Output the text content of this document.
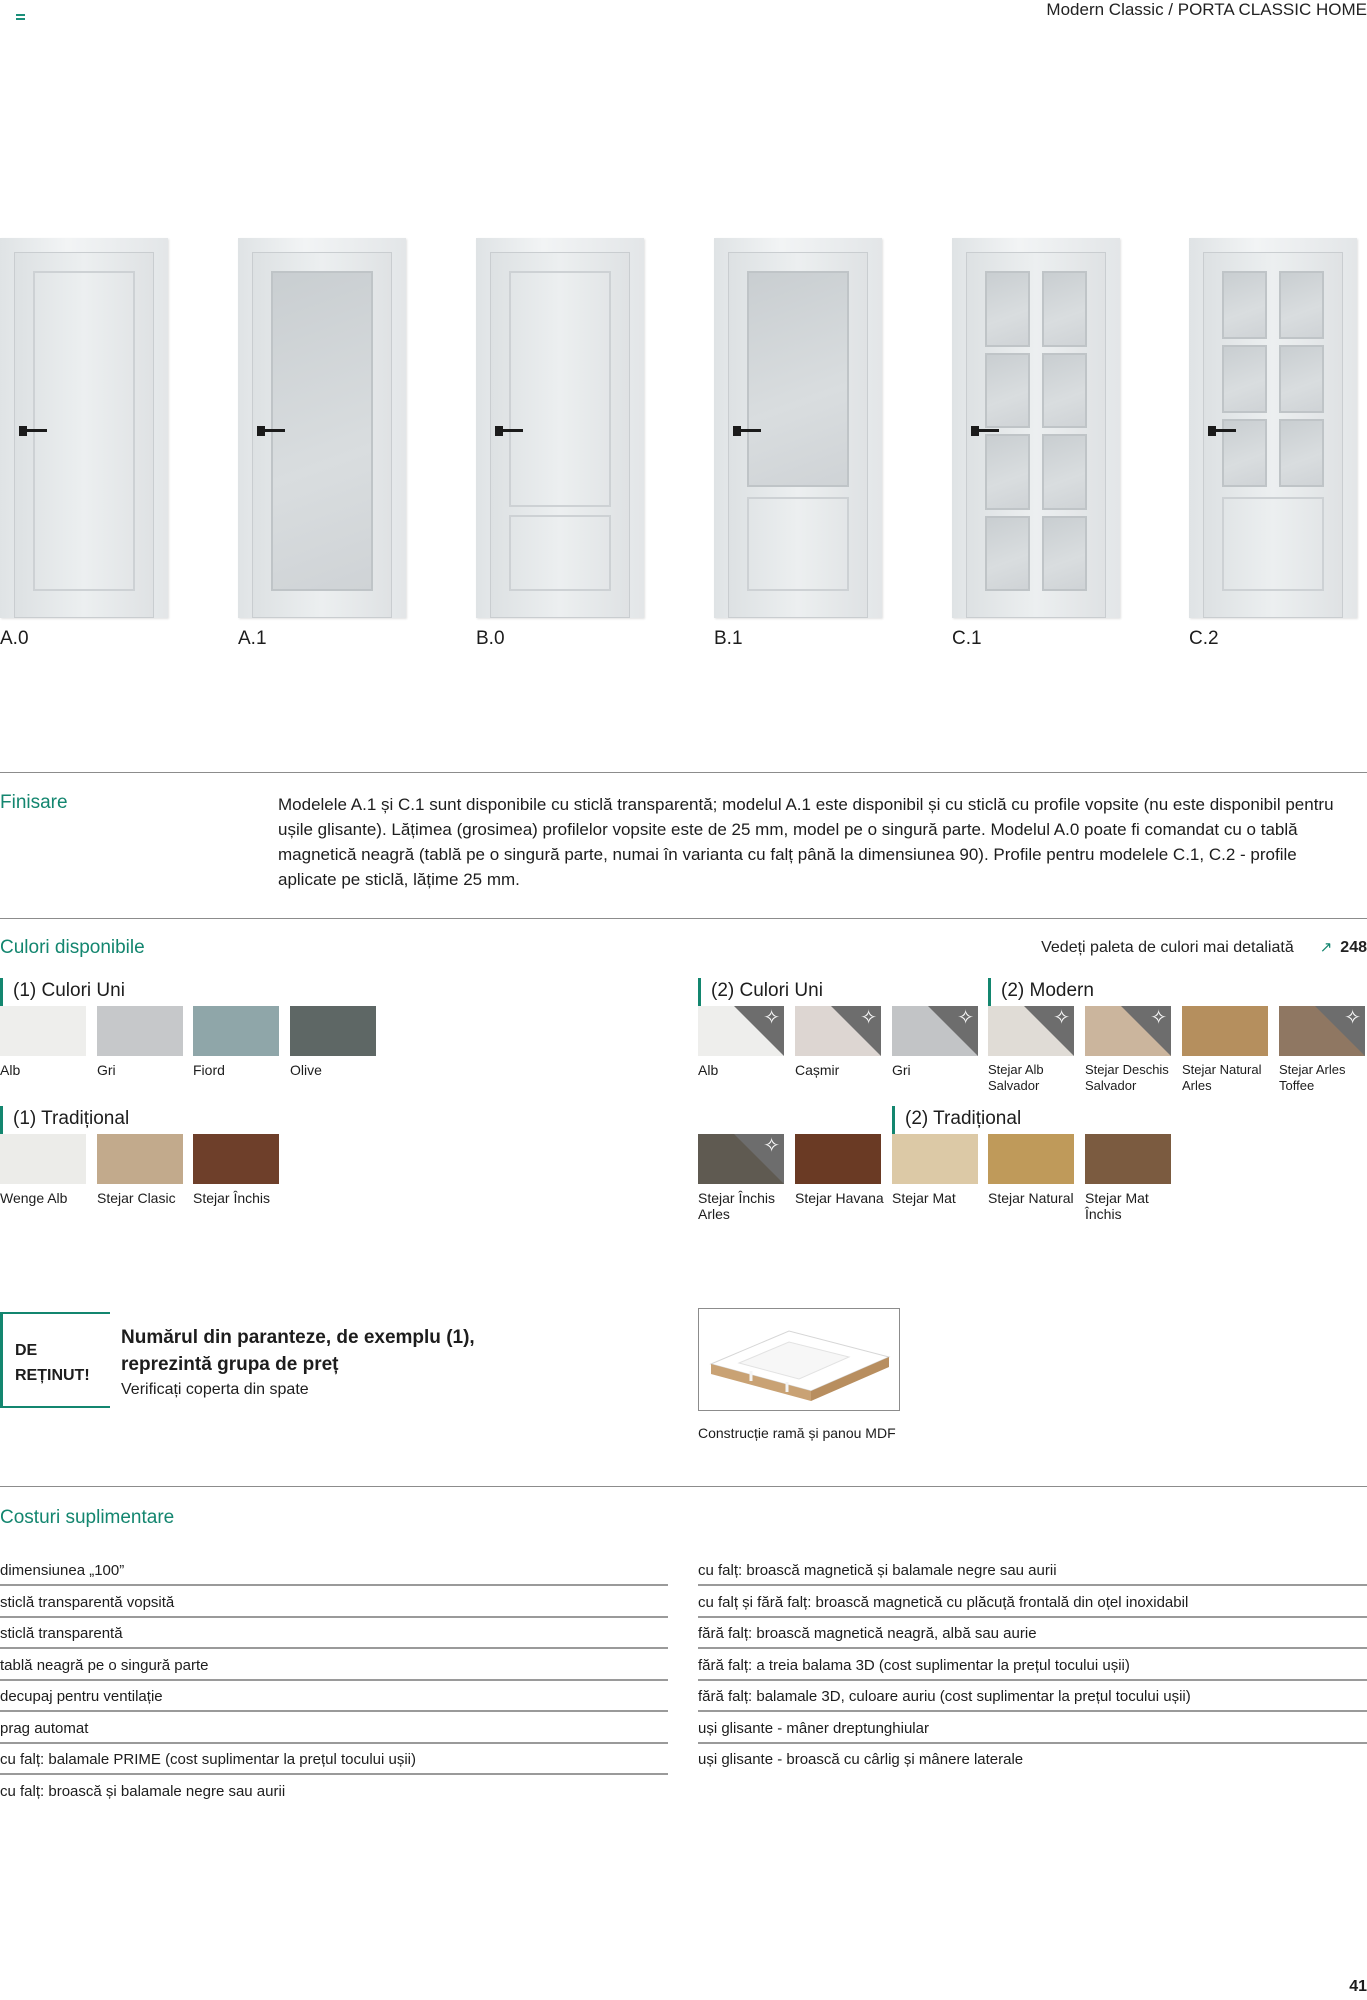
Modern Classic / PORTA CLASSIC HOME
A.0	A.1	B.0	B.1	C.1	C.2
Finisare	Modelele A.1 și C.1 sunt disponibile cu sticlă transparentă; modelul A.1 este disponibil și cu sticlă cu profile vopsite (nu este disponibil pentru ușile glisante). Lățimea (grosimea) profilelor vopsite este de 25 mm, model pe o singură parte. Modelul A.0 poate fi comandat cu o tablă magnetică neagră (tablă pe o singură parte, numai în varianta cu falț până la dimensiunea 90). Profile pentru modelele C.1, C.2 - profile aplicate pe sticlă, lățime 25 mm.
Culori disponibile	Vedeți paleta de culori mai detaliată ↗ 248
(1) Culori Uni
(1) Tradițional
(2) Culori Uni	(2) Modern
(2) Tradițional
Alb	Gri	Fiord	Olive
Wenge Alb	Stejar Clasic	Stejar Închis
Alb	Cașmir	Gri
✧
Stejar Alb Salvador
✧
Stejar Deschis Salvador
Stejar Natural Arles
✧
Stejar Arles Toffee
✧
Stejar Închis Arles
Stejar Havana Stejar Mat	Stejar Natural Stejar Mat Închis
✧	✧	✧
DE
REȚINUT!
Numărul din paranteze, de exemplu (1), reprezintă grupa de preț
Verificați coperta din spate
Construcție ramă și panou MDF
Costuri suplimentare
dimensiunea „100”
sticlă transparentă vopsită
sticlă transparentă
tablă neagră pe o singură parte
decupaj pentru ventilație
prag automat
cu falț: balamale PRIME (cost suplimentar la prețul tocului ușii)
cu falț: broască și balamale negre sau aurii
cu falț: broască magnetică și balamale negre sau aurii
cu falț și fără falț: broască magnetică cu plăcuță frontală din oțel inoxidabil
fără falț: broască magnetică neagră, albă sau aurie
fără falț: a treia balama 3D (cost suplimentar la prețul tocului ușii)
fără falț: balamale 3D, culoare auriu (cost suplimentar la prețul tocului ușii)
uși glisante - mâner dreptunghiular
uși glisante - broască cu cârlig și mânere laterale
41
